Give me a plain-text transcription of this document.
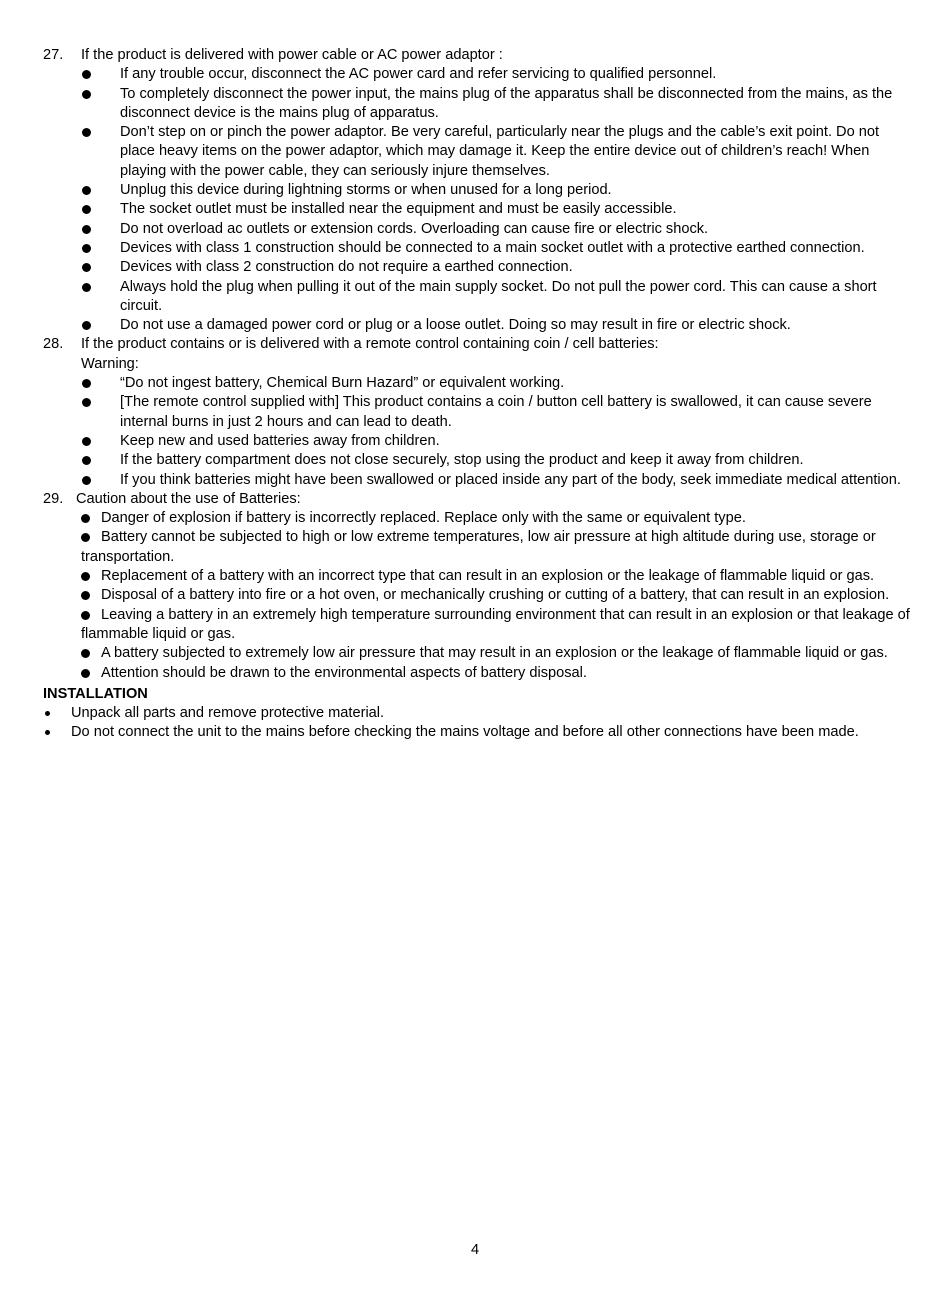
27. If the product is delivered with power cable or AC power adaptor :
If any trouble occur, disconnect the AC power card and refer servicing to qualified personnel.
To completely disconnect the power input, the mains plug of the apparatus shall be disconnected from the mains, as the disconnect device is the mains plug of apparatus.
Don’t step on or pinch the power adaptor. Be very careful, particularly near the plugs and the cable’s exit point. Do not place heavy items on the power adaptor, which may damage it. Keep the entire device out of children’s reach! When playing with the power cable, they can seriously injure themselves.
Unplug this device during lightning storms or when unused for a long period.
The socket outlet must be installed near the equipment and must be easily accessible.
Do not overload ac outlets or extension cords. Overloading can cause fire or electric shock.
Devices with class 1 construction should be connected to a main socket outlet with a protective earthed connection.
Devices with class 2 construction do not require a earthed connection.
Always hold the plug when pulling it out of the main supply socket. Do not pull the power cord. This can cause a short circuit.
Do not use a damaged power cord or plug or a loose outlet. Doing so may result in fire or electric shock.
28. If the product contains or is delivered with a remote control containing coin / cell batteries:
Warning:
“Do not ingest battery, Chemical Burn Hazard” or equivalent working.
[The remote control supplied with] This product contains a coin / button cell battery is swallowed, it can cause severe internal burns in just 2 hours and can lead to death.
Keep new and used batteries away from children.
If the battery compartment does not close securely, stop using the product and keep it away from children.
If you think batteries might have been swallowed or placed inside any part of the body, seek immediate medical attention.
29. Caution about the use of Batteries:
Danger of explosion if battery is incorrectly replaced. Replace only with the same or equivalent type.
Battery cannot be subjected to high or low extreme temperatures, low air pressure at high altitude during use, storage or transportation.
Replacement of a battery with an incorrect type that can result in an explosion or the leakage of flammable liquid or gas.
Disposal of a battery into fire or a hot oven, or mechanically crushing or cutting of a battery, that can result in an explosion.
Leaving a battery in an extremely high temperature surrounding environment that can result in an explosion or that leakage of flammable liquid or gas.
A battery subjected to extremely low air pressure that may result in an explosion or the leakage of flammable liquid or gas.
Attention should be drawn to the environmental aspects of battery disposal.
INSTALLATION
Unpack all parts and remove protective material.
Do not connect the unit to the mains before checking the mains voltage and before all other connections have been made.
4
